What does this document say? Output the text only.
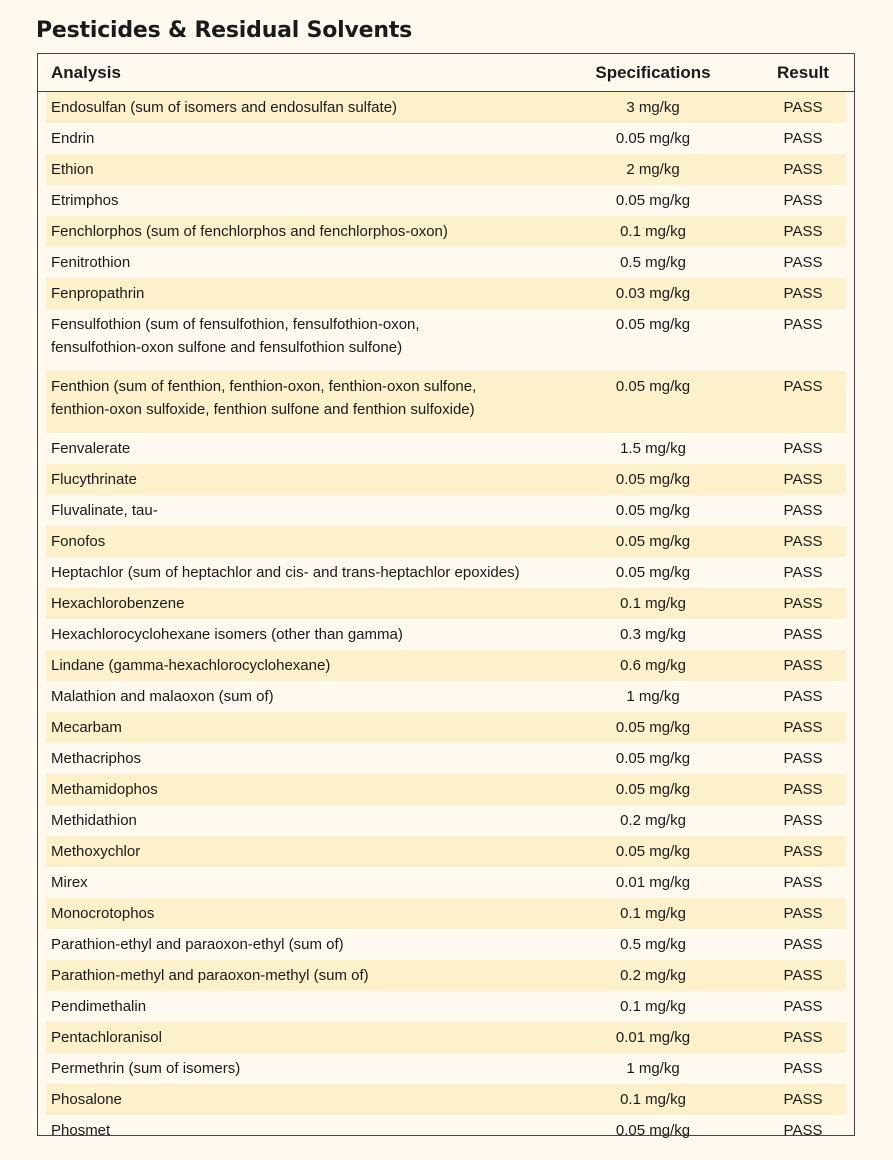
Pesticides & Residual Solvents
Analysis	Specifications	Result
Endosulfan (sum of isomers and endosulfan sulfate)	3 mg/kg	PASS
Endrin	0.05 mg/kg	PASS
Ethion	2 mg/kg	PASS
Etrimphos	0.05 mg/kg	PASS
Fenchlorphos (sum of fenchlorphos and fenchlorphos-oxon)	0.1 mg/kg	PASS
Fenitrothion	0.5 mg/kg	PASS
Fenpropathrin	0.03 mg/kg	PASS
Fensulfothion (sum of fensulfothion, fensulfothion-oxon,
fensulfothion-oxon sulfone and fensulfothion sulfone)
0.05 mg/kg	PASS
Fenthion (sum of fenthion, fenthion-oxon, fenthion-oxon sulfone,
fenthion-oxon sulfoxide, fenthion sulfone and fenthion sulfoxide)
0.05 mg/kg	PASS
Fenvalerate	1.5 mg/kg	PASS
Flucythrinate	0.05 mg/kg	PASS
Fluvalinate, tau-	0.05 mg/kg	PASS
Fonofos	0.05 mg/kg	PASS
Heptachlor (sum of heptachlor and cis- and trans-heptachlor epoxides)	0.05 mg/kg	PASS
Hexachlorobenzene	0.1 mg/kg	PASS
Hexachlorocyclohexane isomers (other than gamma)	0.3 mg/kg	PASS
Lindane (gamma-hexachlorocyclohexane)	0.6 mg/kg	PASS
Malathion and malaoxon (sum of)	1 mg/kg	PASS
Mecarbam	0.05 mg/kg	PASS
Methacriphos	0.05 mg/kg	PASS
Methamidophos	0.05 mg/kg	PASS
Methidathion	0.2 mg/kg	PASS
Methoxychlor	0.05 mg/kg	PASS
Mirex	0.01 mg/kg	PASS
Monocrotophos	0.1 mg/kg	PASS
Parathion-ethyl and paraoxon-ethyl (sum of)	0.5 mg/kg	PASS
Parathion-methyl and paraoxon-methyl (sum of)	0.2 mg/kg	PASS
Pendimethalin	0.1 mg/kg	PASS
Pentachloranisol	0.01 mg/kg	PASS
Permethrin (sum of isomers)	1 mg/kg	PASS
Phosalone	0.1 mg/kg	PASS
Phosmet	0.05 mg/kg	PASS
